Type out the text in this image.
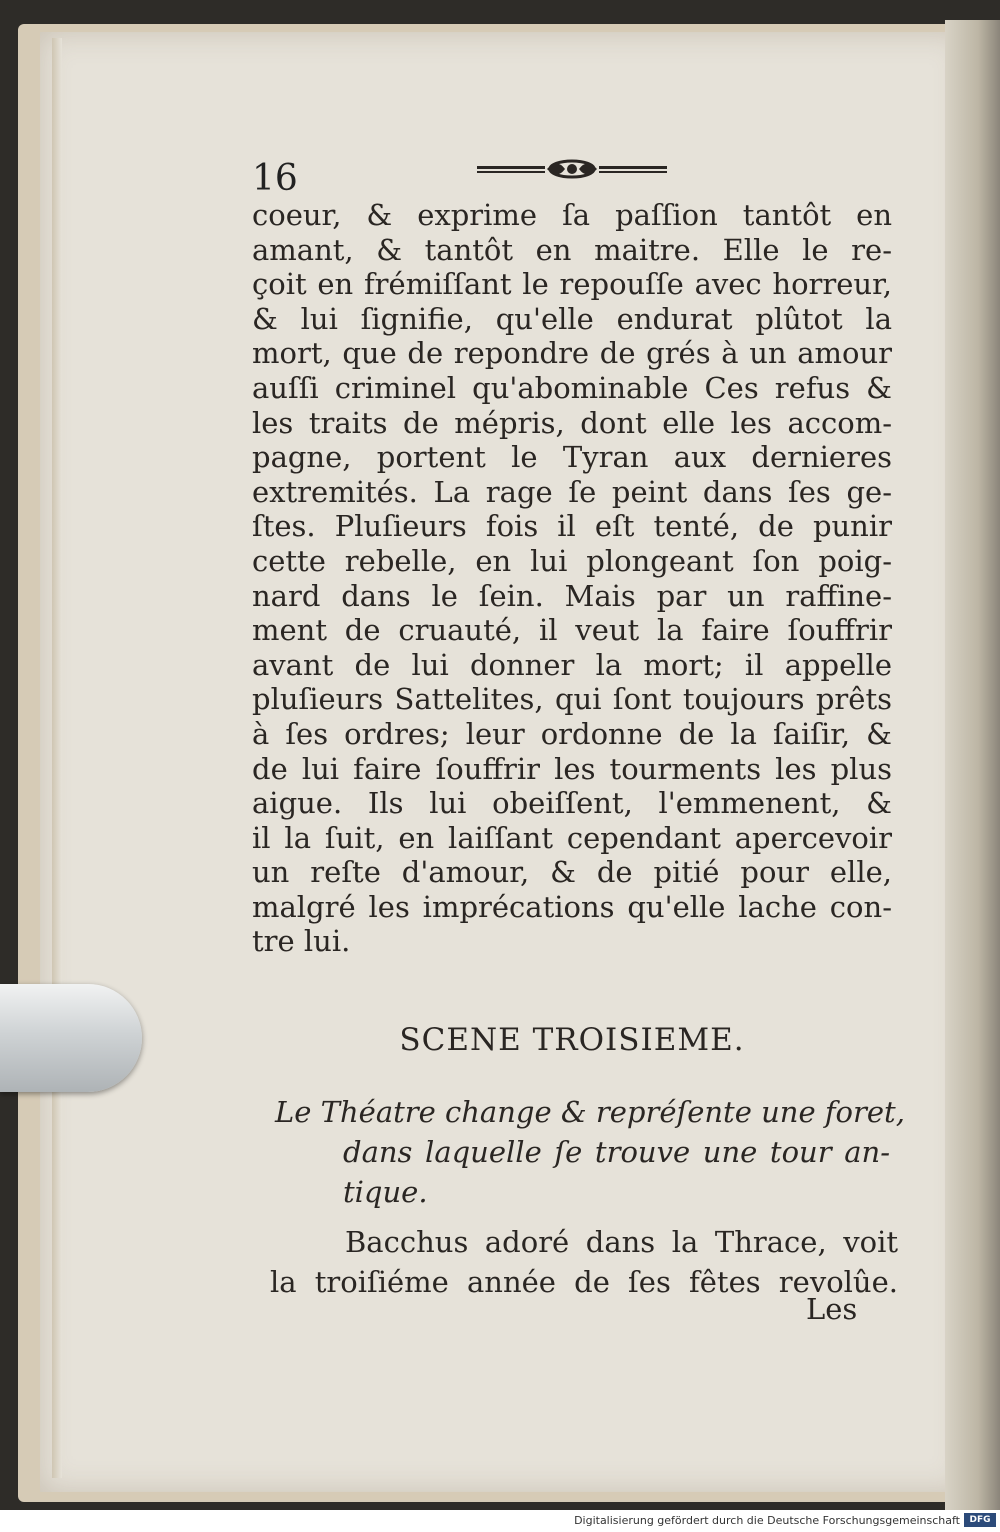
16
coeur, & exprime ſa paſſion tantôt en
amant, & tantôt en maitre. Elle le re-
çoit en frémiſſant le repouſſe avec horreur,
& lui ſignifie, qu'elle endurat plûtot la
mort, que de repondre de grés à un amour
auſſi criminel qu'abominable Ces refus &
les traits de mépris, dont elle les accom-
pagne, portent le Tyran aux dernieres
extremités. La rage ſe peint dans ſes ge-
ſtes. Pluſieurs fois il eſt tenté, de punir
cette rebelle, en lui plongeant ſon poig-
nard dans le ſein. Mais par un raffine-
ment de cruauté, il veut la faire ſouffrir
avant de lui donner la mort; il appelle
pluſieurs Sattelites, qui ſont toujours prêts
à ſes ordres; leur ordonne de la ſaiſir, &
de lui faire ſouffrir les tourments les plus
aigue. Ils lui obeiſſent, l'emmenent, &
il la ſuit, en laiſſant cependant apercevoir
un reſte d'amour, & de pitié pour elle,
malgré les imprécations qu'elle lache con-
tre lui.
SCENE TROISIEME.
Le Théatre change & repréſente une foret,
dans laquelle ſe trouve une tour an-
tique.
Bacchus adoré dans la Thrace, voit
la troiſiéme année de ſes fêtes revolûe.
Les
Digitalisierung gefördert durch die Deutsche Forschungsgemeinschaft	DFG
